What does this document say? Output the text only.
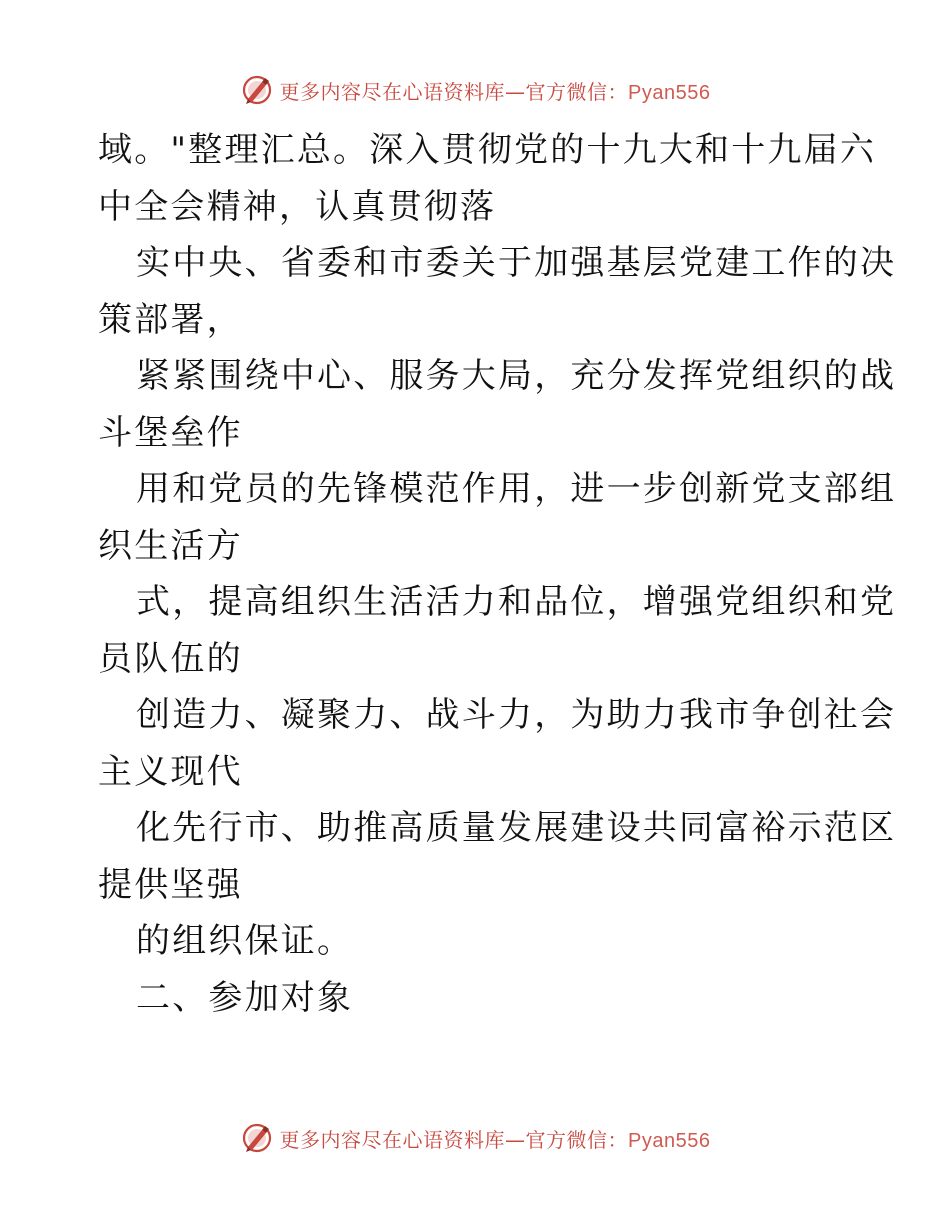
更多内容尽在心语资料库—官方微信：Pyan556
域。"整理汇总。深入贯彻党的十九大和十九届六
中全会精神，认真贯彻落
实中央、省委和市委关于加强基层党建工作的决
策部署，
紧紧围绕中心、服务大局，充分发挥党组织的战
斗堡垒作
用和党员的先锋模范作用，进一步创新党支部组
织生活方
式，提高组织生活活力和品位，增强党组织和党
员队伍的
创造力、凝聚力、战斗力，为助力我市争创社会
主义现代
化先行市、助推高质量发展建设共同富裕示范区
提供坚强
的组织保证。
二、参加对象
更多内容尽在心语资料库—官方微信：Pyan556
